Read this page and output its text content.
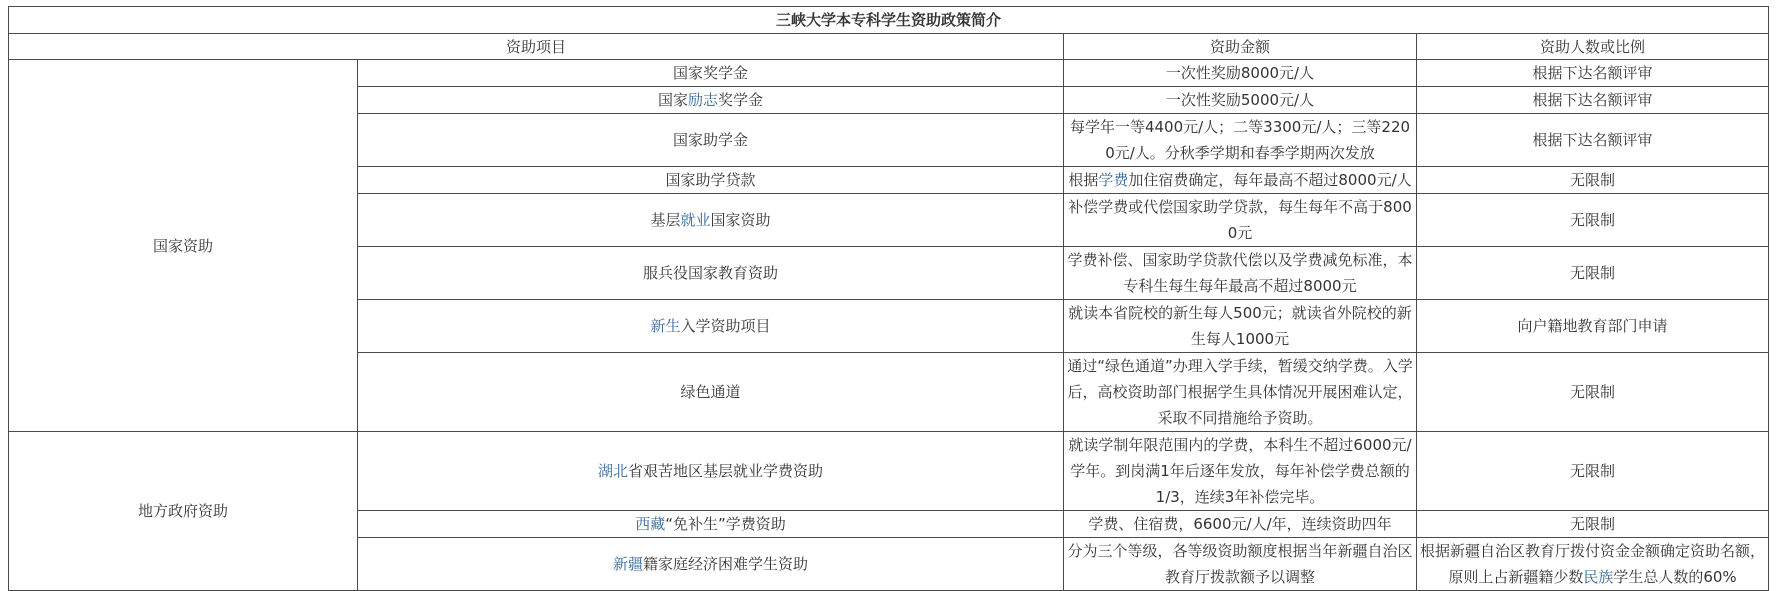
三峡大学本专科学生资助政策简介			
资助项目		资助金额	资助人数或比例
国家资助	国家奖学金	一次性奖励8000元/人	根据下达名额评审
	国家励志奖学金	一次性奖励5000元/人	根据下达名额评审
	国家助学金	每学年一等4400元/人；二等3300元/人；三等2200元/人。分秋季学期和春季学期两次发放	根据下达名额评审
	国家助学贷款	根据学费加住宿费确定，每年最高不超过8000元/人	无限制
	基层就业国家资助	补偿学费或代偿国家助学贷款，每生每年不高于8000元	无限制
	服兵役国家教育资助	学费补偿、国家助学贷款代偿以及学费减免标准，本专科生每生每年最高不超过8000元	无限制
	新生入学资助项目	就读本省院校的新生每人500元；就读省外院校的新生每人1000元	向户籍地教育部门申请
	绿色通道	通过“绿色通道”办理入学手续，暂缓交纳学费。入学后，高校资助部门根据学生具体情况开展困难认定，采取不同措施给予资助。	无限制
地方政府资助	湖北省艰苦地区基层就业学费资助	就读学制年限范围内的学费，本科生不超过6000元/学年。到岗满1年后逐年发放，每年补偿学费总额的1/3，连续3年补偿完毕。	无限制
	西藏“免补生”学费资助	学费、住宿费，6600元/人/年，连续资助四年	无限制
	新疆籍家庭经济困难学生资助	分为三个等级，各等级资助额度根据当年新疆自治区教育厅拨款额予以调整	根据新疆自治区教育厅拨付资金金额确定资助名额，原则上占新疆籍少数民族学生总人数的60%
